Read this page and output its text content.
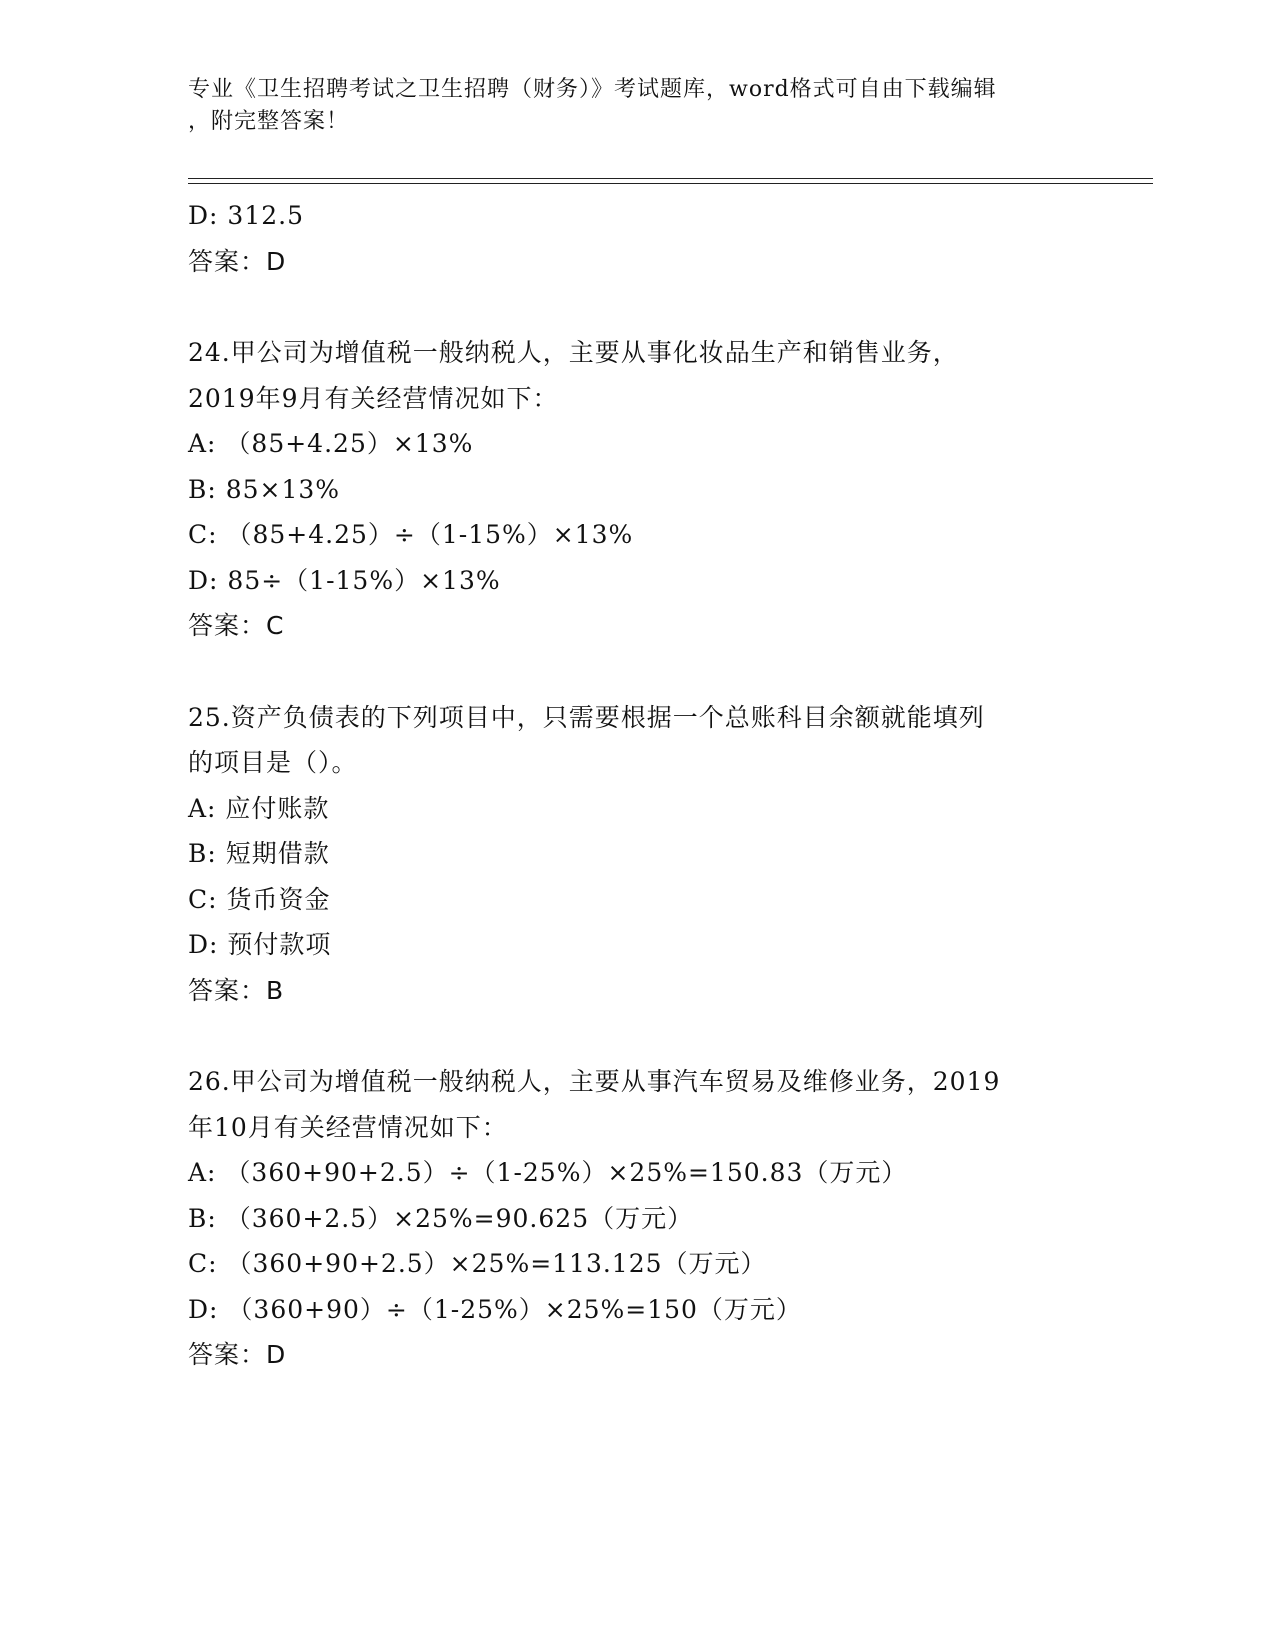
专业《卫生招聘考试之卫生招聘（财务）》考试题库，word格式可自由下载编辑
，附完整答案！
D: 312.5
答案：D
24.甲公司为增值税一般纳税人，主要从事化妆品生产和销售业务，
2019年9月有关经营情况如下：
A: （85+4.25）×13%
B: 85×13%
C: （85+4.25）÷（1-15%）×13%
D: 85÷（1-15%）×13%
答案：C
25.资产负债表的下列项目中，只需要根据一个总账科目余额就能填列
的项目是（）。
A: 应付账款
B: 短期借款
C: 货币资金
D: 预付款项
答案：B
26.甲公司为增值税一般纳税人，主要从事汽车贸易及维修业务，2019
年10月有关经营情况如下：
A: （360+90+2.5）÷（1-25%）×25%=150.83（万元）
B: （360+2.5）×25%=90.625（万元）
C: （360+90+2.5）×25%=113.125（万元）
D: （360+90）÷（1-25%）×25%=150（万元）
答案：D
